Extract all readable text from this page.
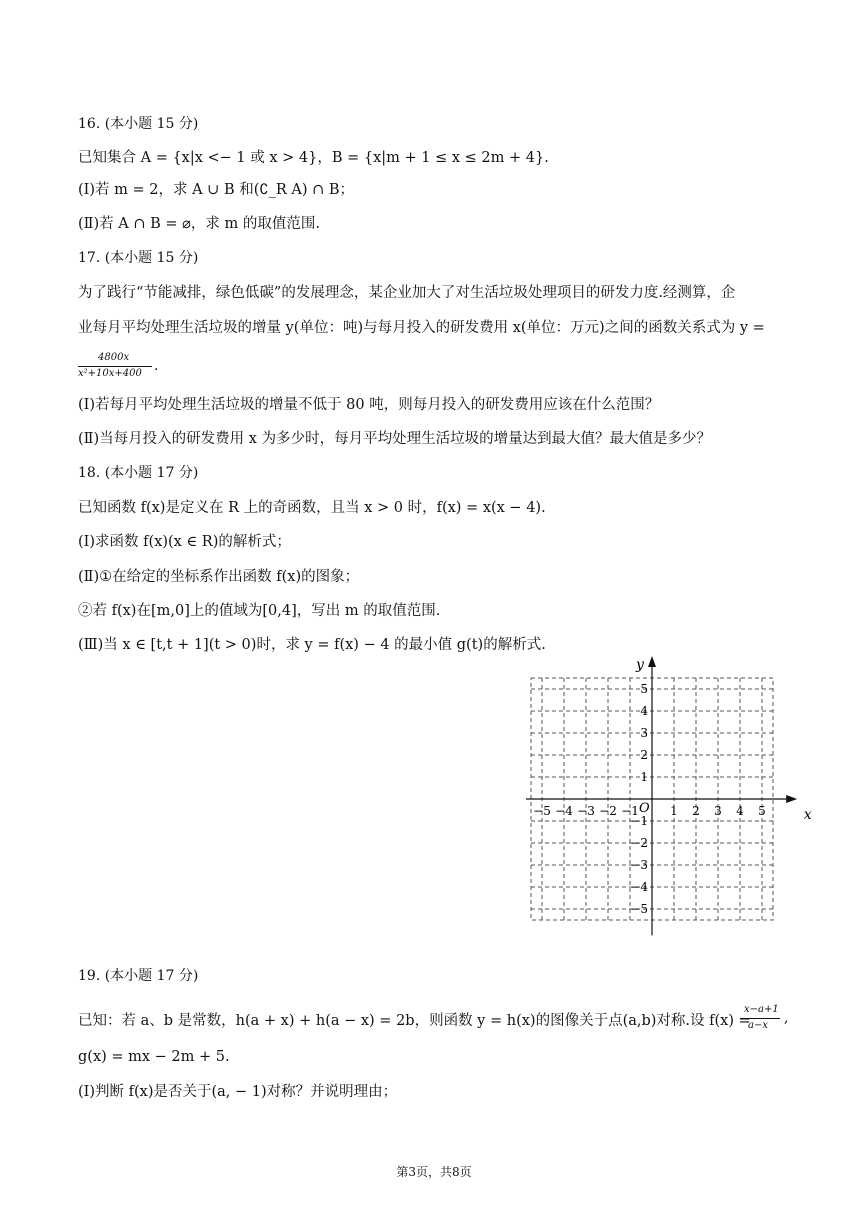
16. (本小题 15 分)
已知集合 A = {x|x <− 1 或 x > 4}，B = {x|m + 1 ≤ x ≤ 2m + 4}.
(Ⅰ)若 m = 2，求 A ∪ B 和(∁_R A) ∩ B；
(Ⅱ)若 A ∩ B = ⌀，求 m 的取值范围.
17. (本小题 15 分)
为了践行“节能减排，绿色低碳”的发展理念，某企业加大了对生活垃圾处理项目的研发力度.经测算，企
业每月平均处理生活垃圾的增量 y(单位：吨)与每月投入的研发费用 x(单位：万元)之间的函数关系式为 y =
4800x
x²+10x+400 .
(Ⅰ)若每月平均处理生活垃圾的增量不低于 80 吨，则每月投入的研发费用应该在什么范围？
(Ⅱ)当每月投入的研发费用 x 为多少时，每月平均处理生活垃圾的增量达到最大值？最大值是多少？
18. (本小题 17 分)
已知函数 f(x)是定义在 R 上的奇函数，且当 x > 0 时，f(x) = x(x − 4).
(Ⅰ)求函数 f(x)(x ∈ R)的解析式；
(Ⅱ)①在给定的坐标系作出函数 f(x)的图象；
②若 f(x)在[m,0]上的值域为[0,4]，写出 m 的取值范围.
(Ⅲ)当 x ∈ [t,t + 1](t > 0)时，求 y = f(x) − 4 的最小值 g(t)的解析式.
x
y
O
−5 −4 −3 −2 −1	1 2 3 4 5
5
4
3
2
1
−1
−2
−3
−4
−5
19. (本小题 17 分)
已知：若 a、b 是常数，h(a + x) + h(a − x) = 2b，则函数 y = h(x)的图像关于点(a,b)对称.设 f(x) =
x−a+1
a−x ,
g(x) = mx − 2m + 5.
(Ⅰ)判断 f(x)是否关于(a, − 1)对称？并说明理由；
第3页，共8页
